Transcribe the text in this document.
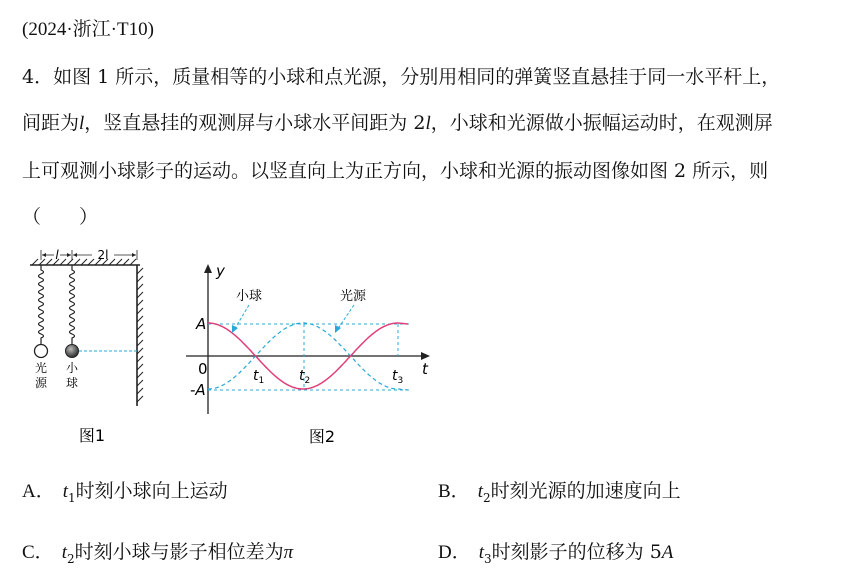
(2024·浙江·T10)
4．如图 1 所示，质量相等的小球和点光源，分别用相同的弹簧竖直悬挂于同一水平杆上，
间距为l，竖直悬挂的观测屏与小球水平间距为 2l，小球和光源做小振幅运动时，在观测屏
上可观测小球影子的运动。以竖直向上为正方向，小球和光源的振动图像如图 2 所示，则
（　　）
l	2l
光
源
小
球
图1
y
t
0
A
-A
小球	光源
$t_1$ $t_2$	$t_3$
图2
A． $t_1$时刻小球向上运动	B． $t_2$时刻光源的加速度向上
C． $t_2$时刻小球与影子相位差为π	D． $t_3$时刻影子的位移为 5A
